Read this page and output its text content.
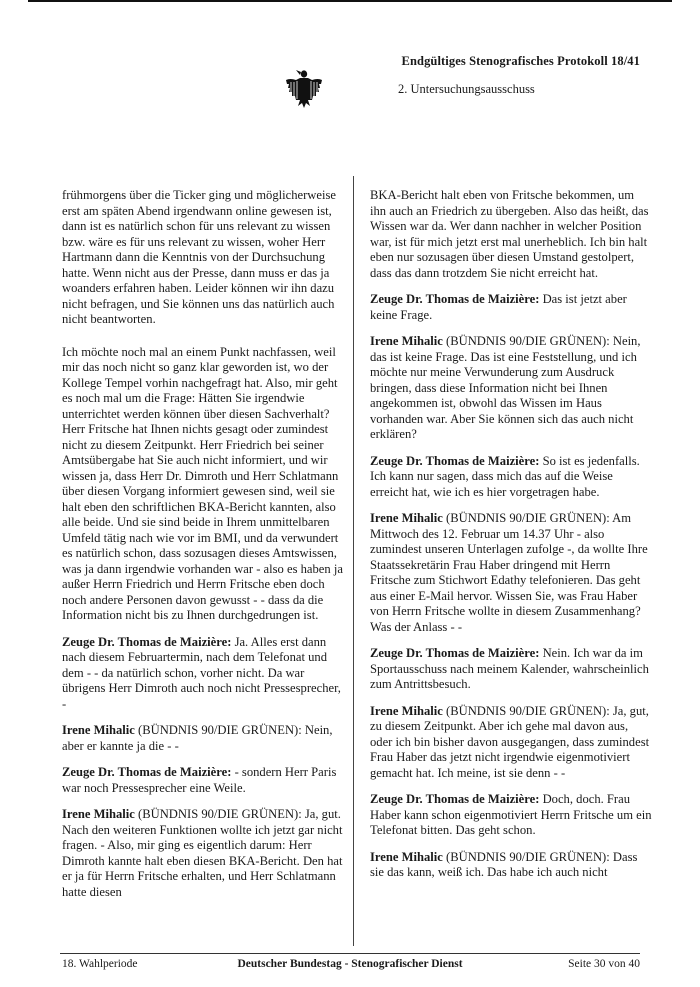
Endgültiges Stenografisches Protokoll 18/41
2. Untersuchungsausschuss

frühmorgens über die Ticker ging und möglicherweise erst am späten Abend irgendwann online gewesen ist, dann ist es natürlich schon für uns relevant zu wissen bzw. wäre es für uns relevant zu wissen, woher Herr Hartmann dann die Kenntnis von der Durchsuchung hatte. Wenn nicht aus der Presse, dann muss er das ja woanders erfahren haben. Leider können wir ihn dazu nicht befragen, und Sie können uns das natürlich auch nicht beantworten.

Ich möchte noch mal an einem Punkt nachfassen, weil mir das noch nicht so ganz klar geworden ist, wo der Kollege Tempel vorhin nachgefragt hat. Also, mir geht es noch mal um die Frage: Hätten Sie irgendwie unterrichtet werden können über diesen Sachverhalt? Herr Fritsche hat Ihnen nichts gesagt oder zumindest nicht zu diesem Zeitpunkt. Herr Friedrich bei seiner Amtsübergabe hat Sie auch nicht informiert, und wir wissen ja, dass Herr Dr. Dimroth und Herr Schlatmann über diesen Vorgang informiert gewesen sind, weil sie halt eben den schriftlichen BKA-Bericht kannten, also alle beide. Und sie sind beide in Ihrem unmittelbaren Umfeld tätig nach wie vor im BMI, und da verwundert es natürlich schon, dass sozusagen dieses Amtswissen, was ja dann irgendwie vorhanden war - also es haben ja außer Herrn Friedrich und Herrn Fritsche eben doch noch andere Personen davon gewusst - - dass da die Information nicht bis zu Ihnen durchgedrungen ist.

Zeuge Dr. Thomas de Maizière: Ja. Alles erst dann nach diesem Februartermin, nach dem Telefonat und dem - - da natürlich schon, vorher nicht. Da war übrigens Herr Dimroth auch noch nicht Pressesprecher, -

Irene Mihalic (BÜNDNIS 90/DIE GRÜNEN): Nein, aber er kannte ja die - -

Zeuge Dr. Thomas de Maizière: - sondern Herr Paris war noch Pressesprecher eine Weile.

Irene Mihalic (BÜNDNIS 90/DIE GRÜNEN): Ja, gut. Nach den weiteren Funktionen wollte ich jetzt gar nicht fragen. - Also, mir ging es eigentlich darum: Herr Dimroth kannte halt eben diesen BKA-Bericht. Den hat er ja für Herrn Fritsche erhalten, und Herr Schlatmann hatte diesen

BKA-Bericht halt eben von Fritsche bekommen, um ihn auch an Friedrich zu übergeben. Also das heißt, das Wissen war da. Wer dann nachher in welcher Position war, ist für mich jetzt erst mal unerheblich. Ich bin halt eben nur sozusagen über diesen Umstand gestolpert, dass das dann trotzdem Sie nicht erreicht hat.

Zeuge Dr. Thomas de Maizière: Das ist jetzt aber keine Frage.

Irene Mihalic (BÜNDNIS 90/DIE GRÜNEN): Nein, das ist keine Frage. Das ist eine Feststellung, und ich möchte nur meine Verwunderung zum Ausdruck bringen, dass diese Information nicht bei Ihnen angekommen ist, obwohl das Wissen im Haus vorhanden war. Aber Sie können sich das auch nicht erklären?

Zeuge Dr. Thomas de Maizière: So ist es jedenfalls. Ich kann nur sagen, dass mich das auf die Weise erreicht hat, wie ich es hier vorgetragen habe.

Irene Mihalic (BÜNDNIS 90/DIE GRÜNEN): Am Mittwoch des 12. Februar um 14.37 Uhr - also zumindest unseren Unterlagen zufolge -, da wollte Ihre Staatssekretärin Frau Haber dringend mit Herrn Fritsche zum Stichwort Edathy telefonieren. Das geht aus einer E-Mail hervor. Wissen Sie, was Frau Haber von Herrn Fritsche wollte in diesem Zusammenhang? Was der Anlass - -

Zeuge Dr. Thomas de Maizière: Nein. Ich war da im Sportausschuss nach meinem Kalender, wahrscheinlich zum Antrittsbesuch.

Irene Mihalic (BÜNDNIS 90/DIE GRÜNEN): Ja, gut, zu diesem Zeitpunkt. Aber ich gehe mal davon aus, oder ich bin bisher davon ausgegangen, dass zumindest Frau Haber das jetzt nicht irgendwie eigenmotiviert gemacht hat. Ich meine, ist sie denn - -

Zeuge Dr. Thomas de Maizière: Doch, doch. Frau Haber kann schon eigenmotiviert Herrn Fritsche um ein Telefonat bitten. Das geht schon.

Irene Mihalic (BÜNDNIS 90/DIE GRÜNEN): Dass sie das kann, weiß ich. Das habe ich auch nicht

18. Wahlperiode	Deutscher Bundestag - Stenografischer Dienst	Seite 30 von 40
